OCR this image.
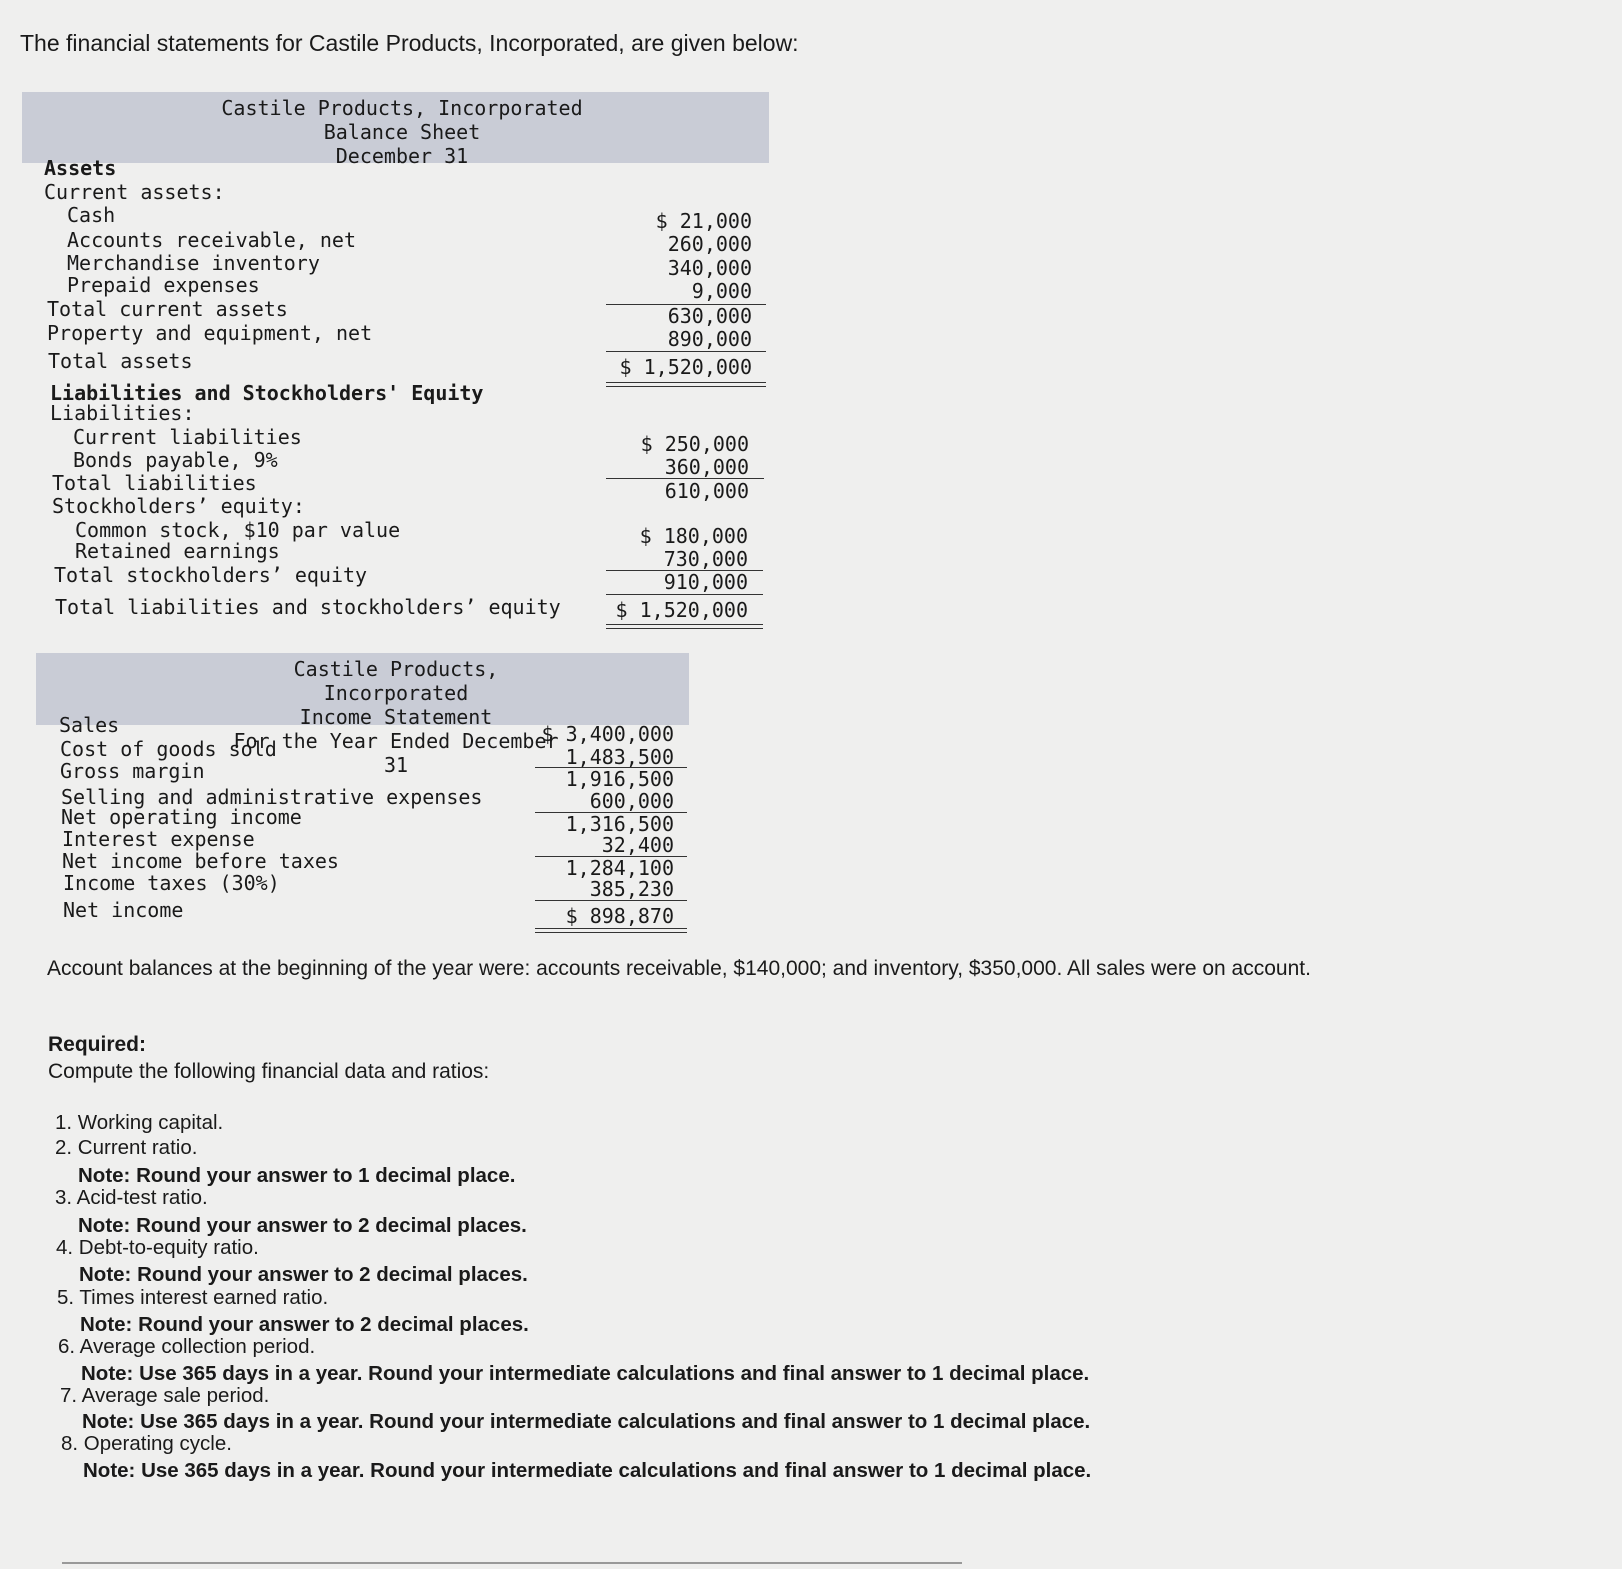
The financial statements for Castile Products, Incorporated, are given below:
Castile Products, Incorporated
Balance Sheet
December 31
Assets
Current assets:
Cash	$ 21,000
Accounts receivable, net	260,000
Merchandise inventory	340,000
Prepaid expenses	9,000
Total current assets	630,000
Property and equipment, net	890,000
Total assets	$ 1,520,000
Liabilities and Stockholders' Equity
Liabilities:
Current liabilities	$ 250,000
Bonds payable, 9%	360,000
Total liabilities	610,000
Stockholders’ equity:
Common stock, $10 par value	$ 180,000
Retained earnings	730,000
Total stockholders’ equity	910,000
Total liabilities and stockholders’ equity	$ 1,520,000
Castile Products, Incorporated
Income Statement
For the Year Ended December 31
Sales	$ 3,400,000
Cost of goods sold	1,483,500
Gross margin	1,916,500
Selling and administrative expenses	600,000
Net operating income	1,316,500
Interest expense	32,400
Net income before taxes	1,284,100
Income taxes (30%)	385,230
Net income	$ 898,870
Account balances at the beginning of the year were: accounts receivable, $140,000; and inventory, $350,000. All sales were on account.
Required:
Compute the following financial data and ratios:
1. Working capital.
2. Current ratio.
Note: Round your answer to 1 decimal place.
3. Acid-test ratio.
Note: Round your answer to 2 decimal places.
4. Debt-to-equity ratio.
Note: Round your answer to 2 decimal places.
5. Times interest earned ratio.
Note: Round your answer to 2 decimal places.
6. Average collection period.
Note: Use 365 days in a year. Round your intermediate calculations and final answer to 1 decimal place.
7. Average sale period.
Note: Use 365 days in a year. Round your intermediate calculations and final answer to 1 decimal place.
8. Operating cycle.
Note: Use 365 days in a year. Round your intermediate calculations and final answer to 1 decimal place.
